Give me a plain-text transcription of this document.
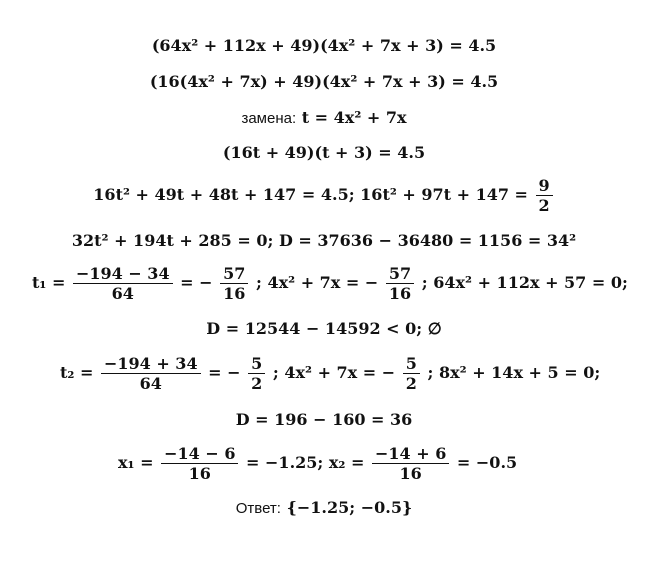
(64x² + 112x + 49)(4x² + 7x + 3) = 4.5
(16(4x² + 7x) + 49)(4x² + 7x + 3) = 4.5
замена: t = 4x² + 7x
(16t + 49)(t + 3) = 4.5
16t² + 49t + 48t + 147 = 4.5; $16t^2 + 97t + 147 = \frac{9}{2}$
32t² + 194t + 285 = 0; D = 37636 − 36480 = 1156 = 34²
$t_1 = \frac{-194 - 34}{64}$ = − $\frac{57}{16}$ ; 4x² + 7x = − $\frac{57}{16}$ ; 64x² + 112x + 57 = 0;
D = 12544 − 14592 < 0; ∅
$t_2 = \frac{-194 + 34}{64}$ = − $\frac{5}{2}$ ; 4x² + 7x = − $\frac{5}{2}$ ; 8x² + 14x + 5 = 0;
D = 196 − 160 = 36
$x_1 = \frac{-14 - 6}{16} = -1.25$; $x_2 = \frac{-14 + 6}{16} = -0.5$
Ответ: {−1.25; −0.5}
